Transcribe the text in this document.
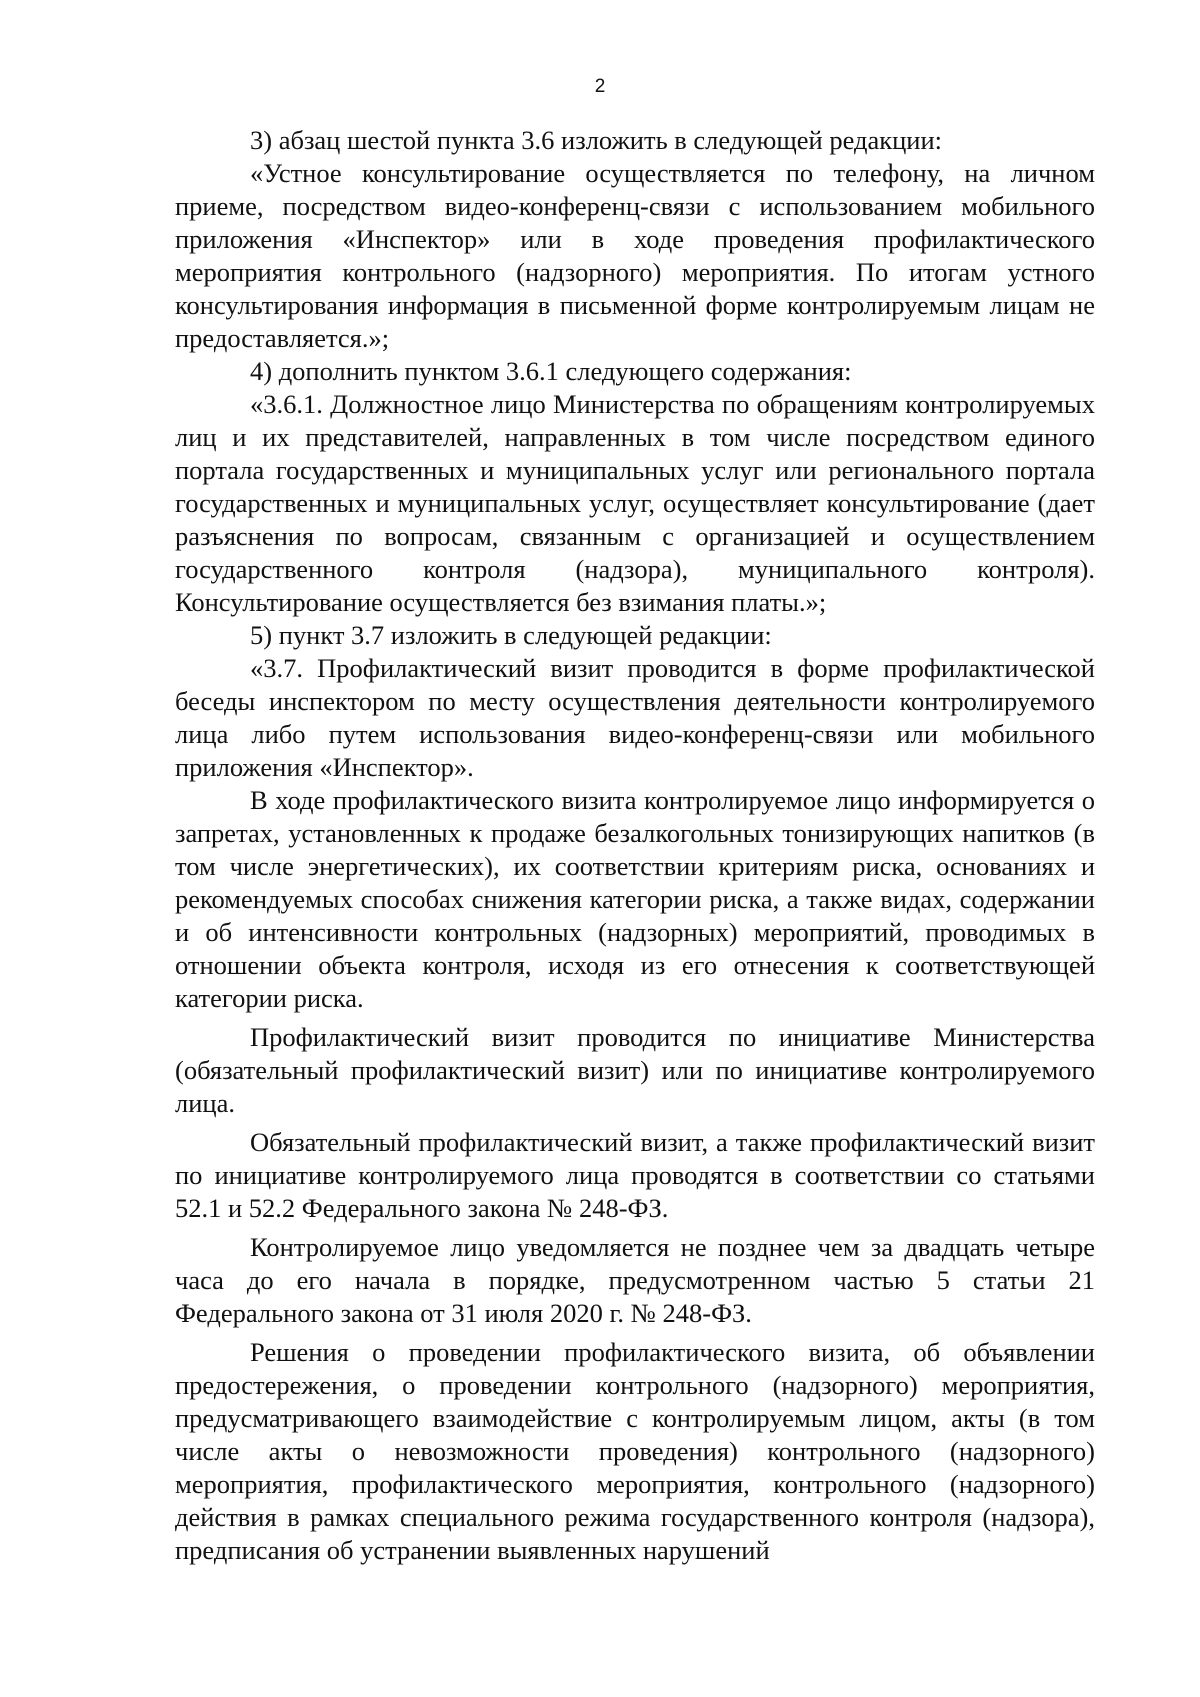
2

3) абзац шестой пункта 3.6 изложить в следующей редакции:

«Устное консультирование осуществляется по телефону, на личном приеме, посредством видео-конференц-связи с использованием мобильного приложения «Инспектор» или в ходе проведения профилактического мероприятия контрольного (надзорного) мероприятия. По итогам устного консультирования информация в письменной форме контролируемым лицам не предоставляется.»;

4) дополнить пунктом 3.6.1 следующего содержания:

«3.6.1. Должностное лицо Министерства по обращениям контролируемых лиц и их представителей, направленных в том числе посредством единого портала государственных и муниципальных услуг или регионального портала государственных и муниципальных услуг, осуществляет консультирование (дает разъяснения по вопросам, связанным с организацией и осуществлением государственного контроля (надзора), муниципального контроля). Консультирование осуществляется без взимания платы.»;

5) пункт 3.7 изложить в следующей редакции:

«3.7. Профилактический визит проводится в форме профилактической беседы инспектором по месту осуществления деятельности контролируемого лица либо путем использования видео-конференц-связи или мобильного приложения «Инспектор».

В ходе профилактического визита контролируемое лицо информируется о запретах, установленных к продаже безалкогольных тонизирующих напитков (в том числе энергетических), их соответствии критериям риска, основаниях и рекомендуемых способах снижения категории риска, а также видах, содержании и об интенсивности контрольных (надзорных) мероприятий, проводимых в отношении объекта контроля, исходя из его отнесения к соответствующей категории риска.

Профилактический визит проводится по инициативе Министерства (обязательный профилактический визит) или по инициативе контролируемого лица.

Обязательный профилактический визит, а также профилактический визит по инициативе контролируемого лица проводятся в соответствии со статьями 52.1 и 52.2 Федерального закона № 248-ФЗ.

Контролируемое лицо уведомляется не позднее чем за двадцать четыре часа до его начала в порядке, предусмотренном частью 5 статьи 21 Федерального закона от 31 июля 2020 г. № 248-ФЗ.

Решения о проведении профилактического визита, об объявлении предостережения, о проведении контрольного (надзорного) мероприятия, предусматривающего взаимодействие с контролируемым лицом, акты (в том числе акты о невозможности проведения) контрольного (надзорного) мероприятия, профилактического мероприятия, контрольного (надзорного) действия в рамках специального режима государственного контроля (надзора), предписания об устранении выявленных нарушений
